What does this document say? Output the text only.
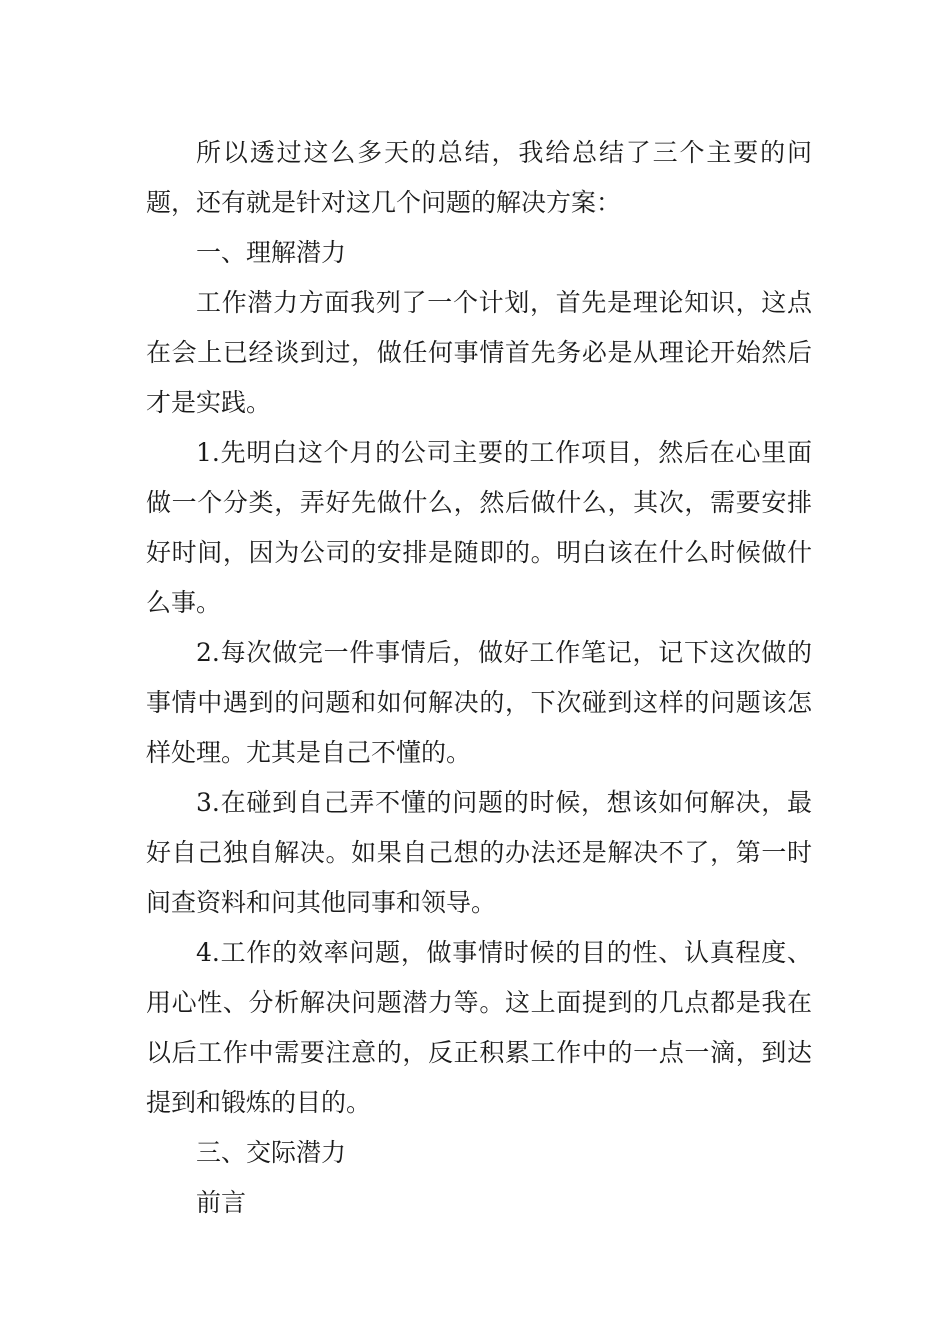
所以透过这么多天的总结，我给总结了三个主要的问题，还有就是针对这几个问题的解决方案：

一、理解潜力

工作潜力方面我列了一个计划，首先是理论知识，这点在会上已经谈到过，做任何事情首先务必是从理论开始然后才是实践。

1.先明白这个月的公司主要的工作项目，然后在心里面做一个分类，弄好先做什么，然后做什么，其次，需要安排好时间，因为公司的安排是随即的。明白该在什么时候做什么事。

2.每次做完一件事情后，做好工作笔记，记下这次做的事情中遇到的问题和如何解决的，下次碰到这样的问题该怎样处理。尤其是自己不懂的。

3.在碰到自己弄不懂的问题的时候，想该如何解决，最好自己独自解决。如果自己想的办法还是解决不了，第一时间查资料和问其他同事和领导。

4.工作的效率问题，做事情时候的目的性、认真程度、用心性、分析解决问题潜力等。这上面提到的几点都是我在以后工作中需要注意的，反正积累工作中的一点一滴，到达提到和锻炼的目的。

三、交际潜力

前言
